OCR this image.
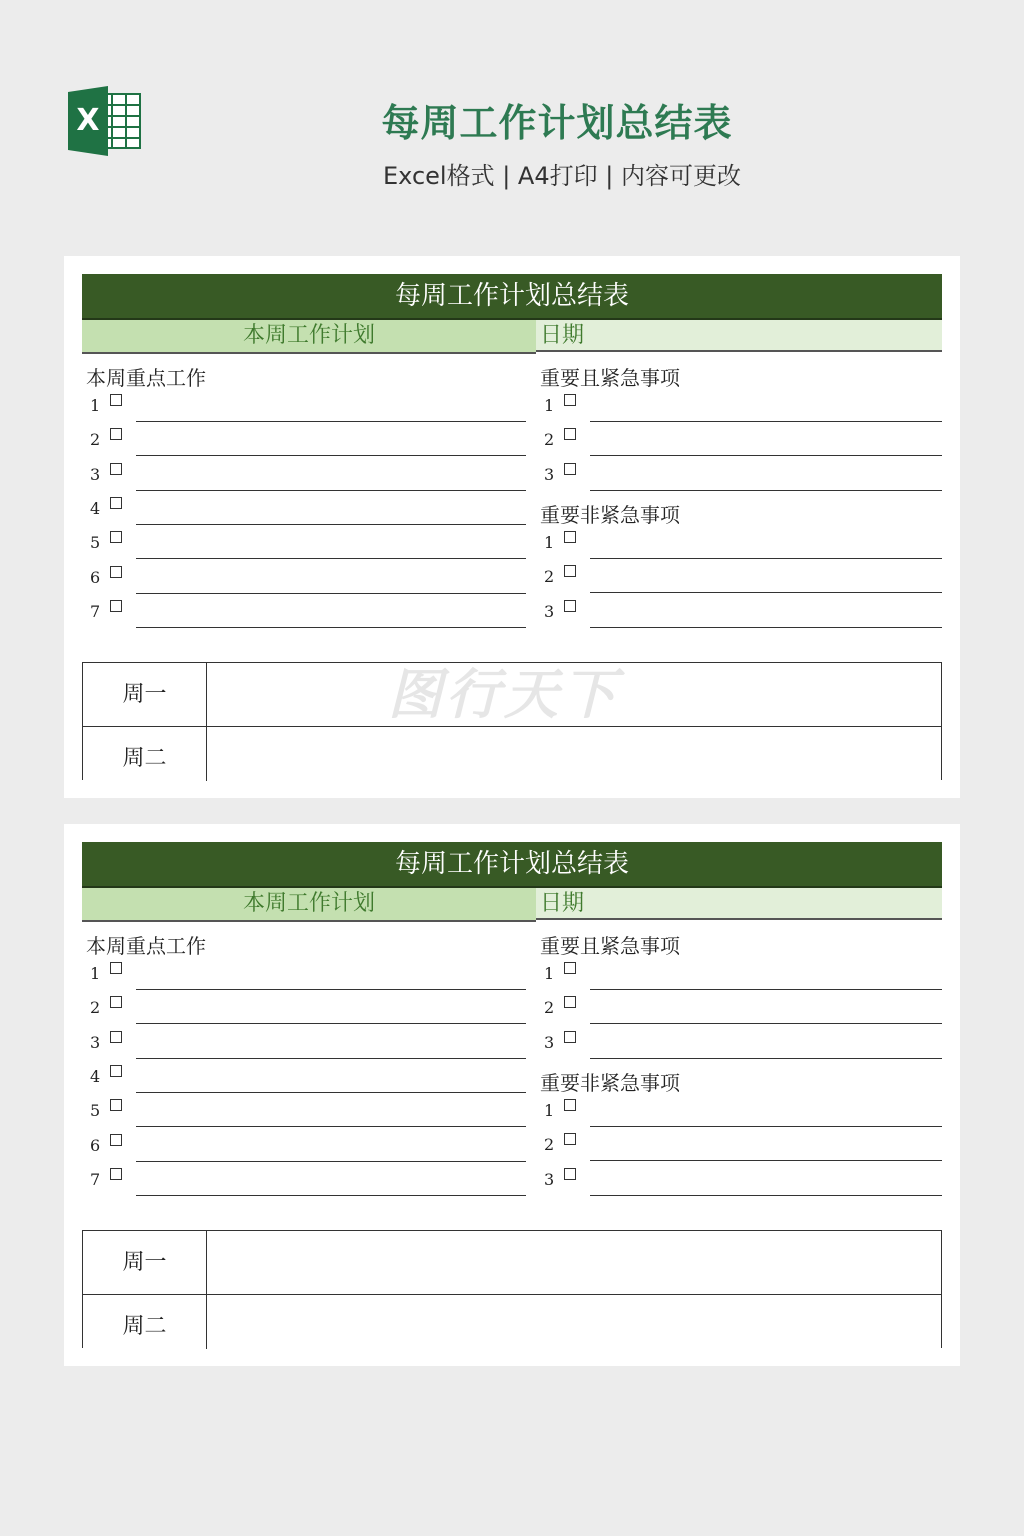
X	每周工作计划总结表
Excel格式 | A4打印 | 内容可更改
每周工作计划总结表
本周工作计划	日期
本周重点工作
1
2
3
4
5
6
7
重要且紧急事项
1
2
3
重要非紧急事项
1
2
3
周一
周二
每周工作计划总结表
本周工作计划	日期
本周重点工作
1
2
3
4
5
6
7
重要且紧急事项
1
2
3
重要非紧急事项
1
2
3
周一
周二
图行天下
